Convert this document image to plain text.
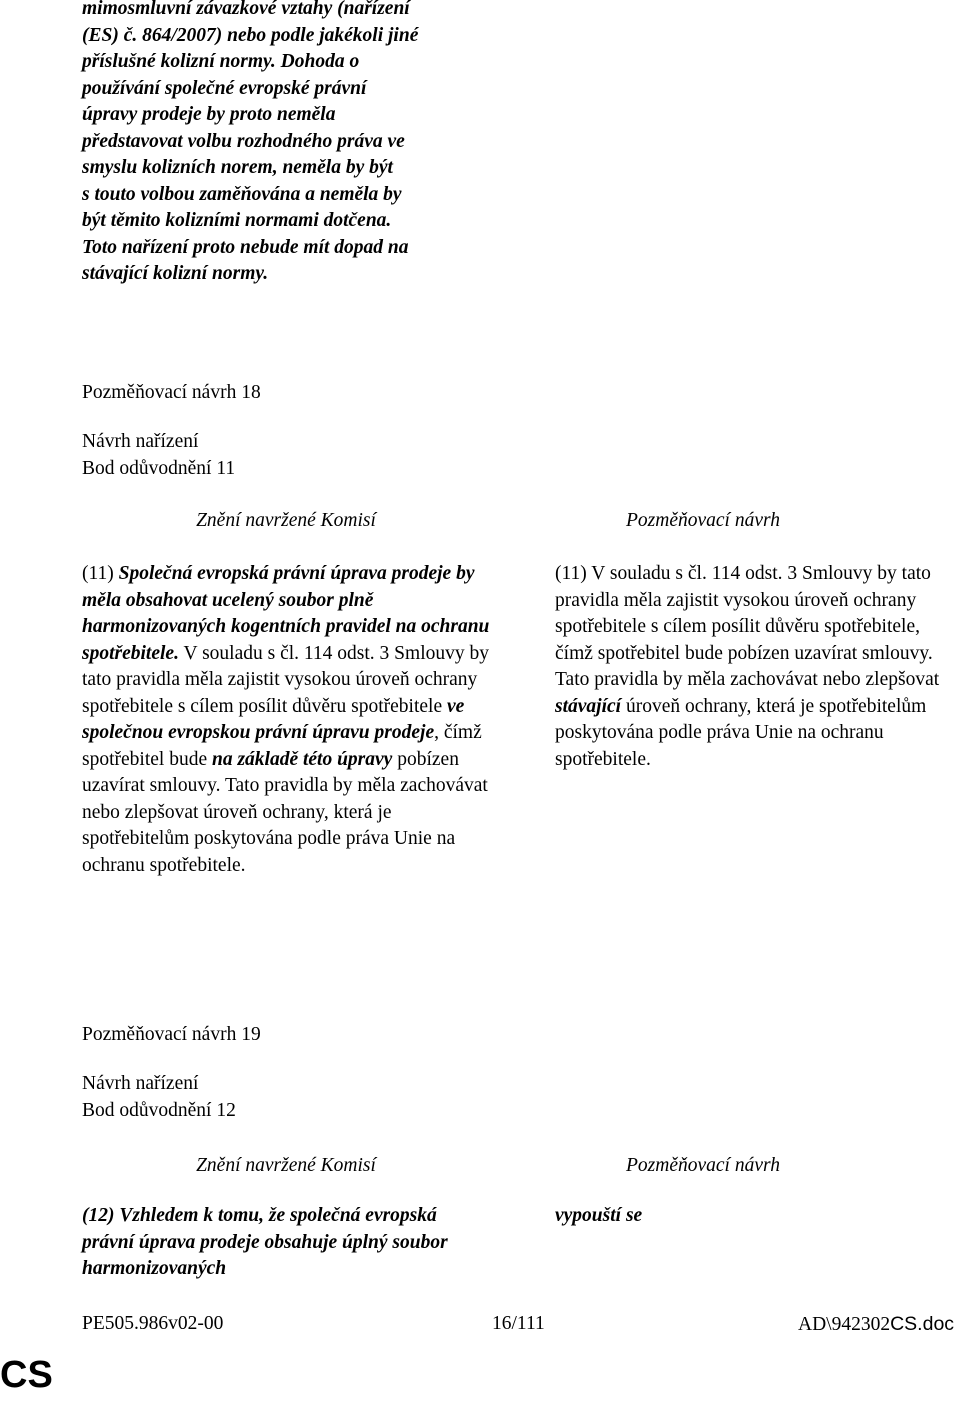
mimosmluvní závazkové vztahy (nařízení
(ES) č. 864/2007) nebo podle jakékoli jiné
příslušné kolizní normy. Dohoda o
používání společné evropské právní
úpravy prodeje by proto neměla
představovat volbu rozhodného práva ve
smyslu kolizních norem, neměla by být
s touto volbou zaměňována a neměla by
být těmito kolizními normami dotčena.
Toto nařízení proto nebude mít dopad na
stávající kolizní normy.
Pozměňovací návrh 18
Návrh nařízení
Bod odůvodnění 11
Znění navržené Komisí	Pozměňovací návrh

(11) Společná evropská právní úprava prodeje by měla obsahovat ucelený soubor plně harmonizovaných kogentních pravidel na ochranu spotřebitele. V souladu s čl. 114 odst. 3 Smlouvy by tato pravidla měla zajistit vysokou úroveň ochrany spotřebitele s cílem posílit důvěru spotřebitele ve společnou evropskou právní úpravu prodeje, čímž spotřebitel bude na základě této úpravy pobízen uzavírat smlouvy. Tato pravidla by měla zachovávat nebo zlepšovat úroveň ochrany, která je spotřebitelům poskytována podle práva Unie na ochranu spotřebitele.

(11) V souladu s čl. 114 odst. 3 Smlouvy by tato pravidla měla zajistit vysokou úroveň ochrany spotřebitele s cílem posílit důvěru spotřebitele, čímž spotřebitel bude pobízen uzavírat smlouvy. Tato pravidla by měla zachovávat nebo zlepšovat stávající úroveň ochrany, která je spotřebitelům poskytována podle práva Unie na ochranu spotřebitele.

Pozměňovací návrh 19
Návrh nařízení
Bod odůvodnění 12
Znění navržené Komisí	Pozměňovací návrh
(12) Vzhledem k tomu, že společná evropská právní úprava prodeje obsahuje úplný soubor harmonizovaných
vypouští se
PE505.986v02-00	16/111	AD\942302CS.doc
CS
